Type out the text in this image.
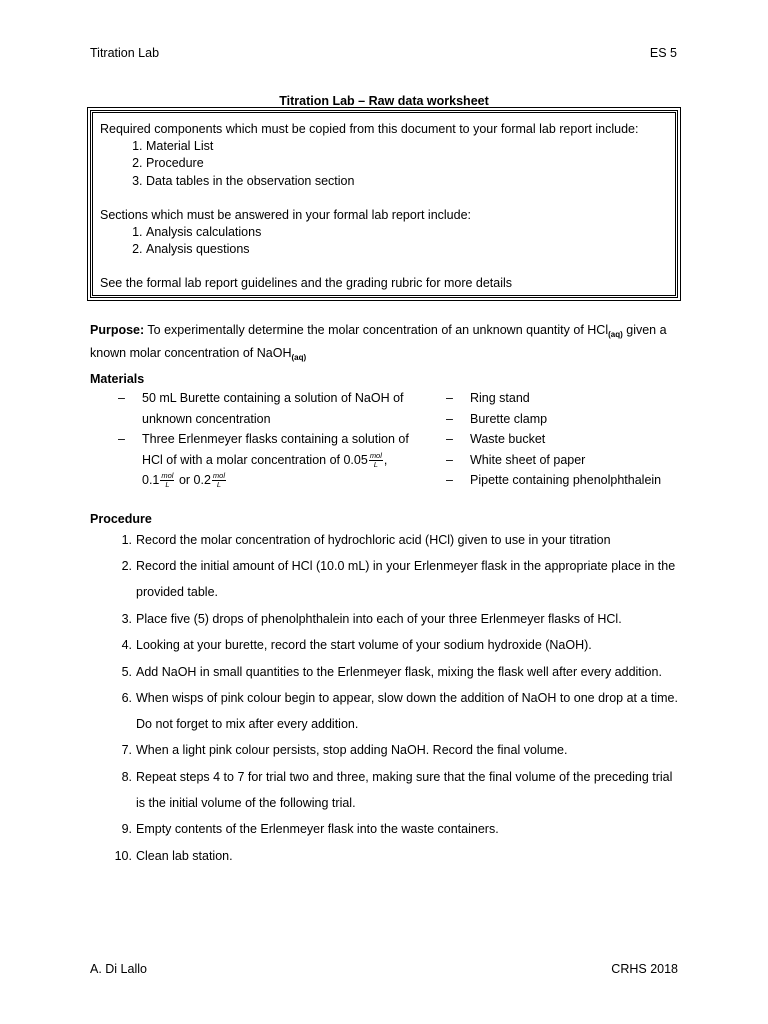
Titration Lab	ES 5
Titration Lab – Raw data worksheet
Required components which must be copied from this document to your formal lab report include:
1. Material List
2. Procedure
3. Data tables in the observation section
Sections which must be answered in your formal lab report include:
1. Analysis calculations
2. Analysis questions
See the formal lab report guidelines and the grading rubric for more details
Purpose: To experimentally determine the molar concentration of an unknown quantity of HCl$_{(aq)}$ given a known molar concentration of NaOH$_{(aq)}$
Materials
– 50 mL Burette containing a solution of NaOH of unknown concentration
– Three Erlenmeyer flasks containing a solution of HCl of with a molar concentration of $0.05 \frac{\text{mol}}{L}$ ,
$0.1 \frac{\text{mol}}{L}$ or $0.2 \frac{\text{mol}}{L}$
– Ring stand
– Burette clamp
– Waste bucket
– White sheet of paper
– Pipette containing phenolphthalein
Procedure
1. Record the molar concentration of hydrochloric acid (HCl) given to use in your titration
2. Record the initial amount of HCl (10.0 mL) in your Erlenmeyer flask in the appropriate place in the provided table.
3. Place five (5) drops of phenolphthalein into each of your three Erlenmeyer flasks of HCl.
4. Looking at your burette, record the start volume of your sodium hydroxide (NaOH).
5. Add NaOH in small quantities to the Erlenmeyer flask, mixing the flask well after every addition.
6. When wisps of pink colour begin to appear, slow down the addition of NaOH to one drop at a time. Do not forget to mix after every addition.
7. When a light pink colour persists, stop adding NaOH. Record the final volume.
8. Repeat steps 4 to 7 for trial two and three, making sure that the final volume of the preceding trial is the initial volume of the following trial.
9. Empty contents of the Erlenmeyer flask into the waste containers.
10. Clean lab station.
A. Di Lallo	CRHS 2018
